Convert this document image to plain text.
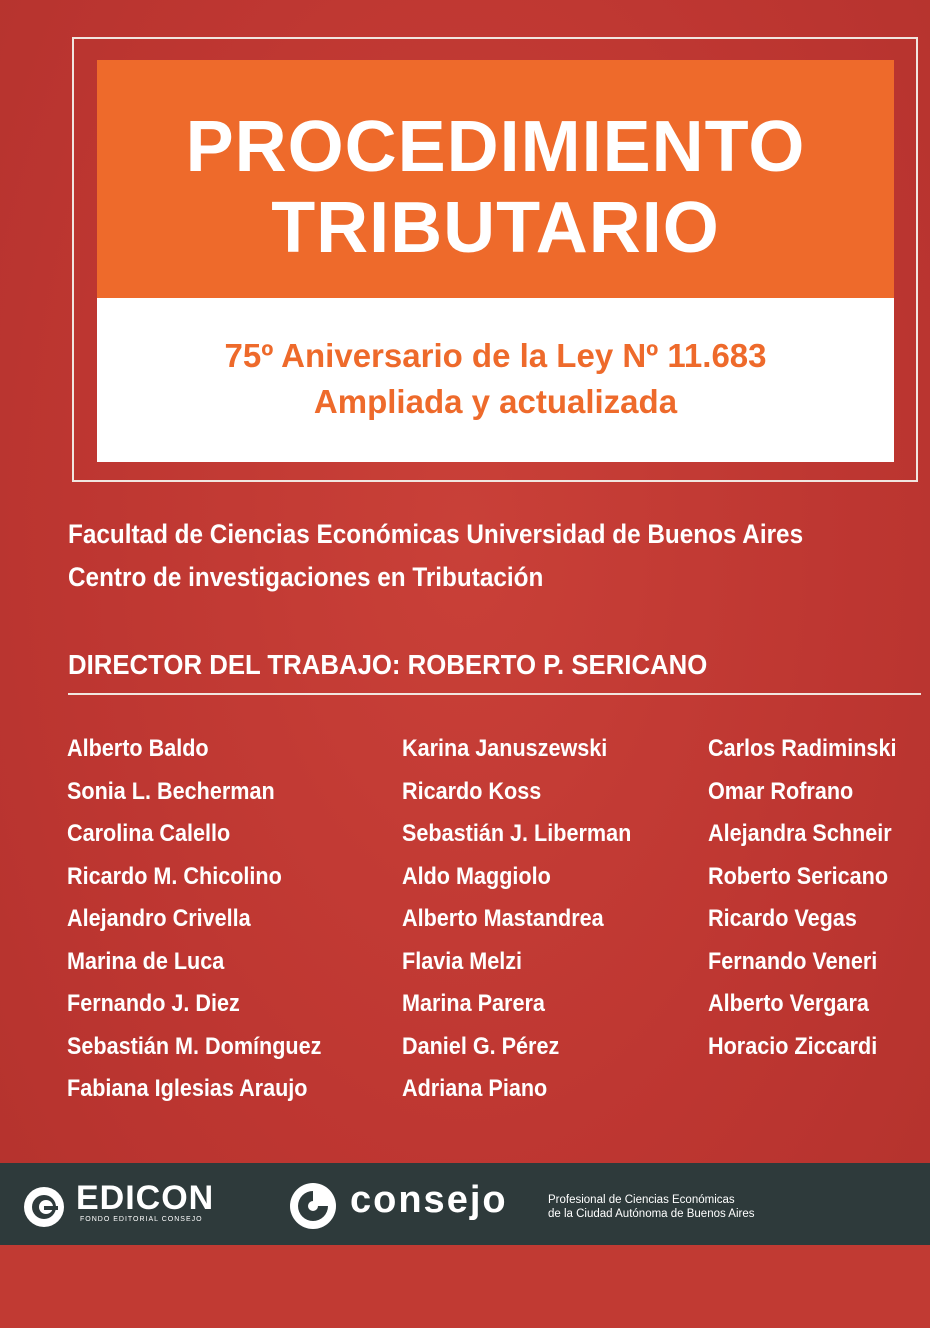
PROCEDIMIENTO
TRIBUTARIO
75º Aniversario de la Ley Nº 11.683
Ampliada y actualizada
Facultad de Ciencias Económicas Universidad de Buenos Aires
Centro de investigaciones en Tributación
DIRECTOR DEL TRABAJO: ROBERTO P. SERICANO
Alberto Baldo
Sonia L. Becherman
Carolina Calello
Ricardo M. Chicolino
Alejandro Crivella
Marina de Luca
Fernando J. Diez
Sebastián M. Domínguez
Fabiana Iglesias Araujo
Karina Januszewski
Ricardo Koss
Sebastián J. Liberman
Aldo Maggiolo
Alberto Mastandrea
Flavia Melzi
Marina Parera
Daniel G. Pérez
Adriana Piano
Carlos Radiminski
Omar Rofrano
Alejandra Schneir
Roberto Sericano
Ricardo Vegas
Fernando Veneri
Alberto Vergara
Horacio Ziccardi
EDICON
FONDO EDITORIAL CONSEJO	consejo	Profesional de Ciencias Económicas
de la Ciudad Autónoma de Buenos Aires
